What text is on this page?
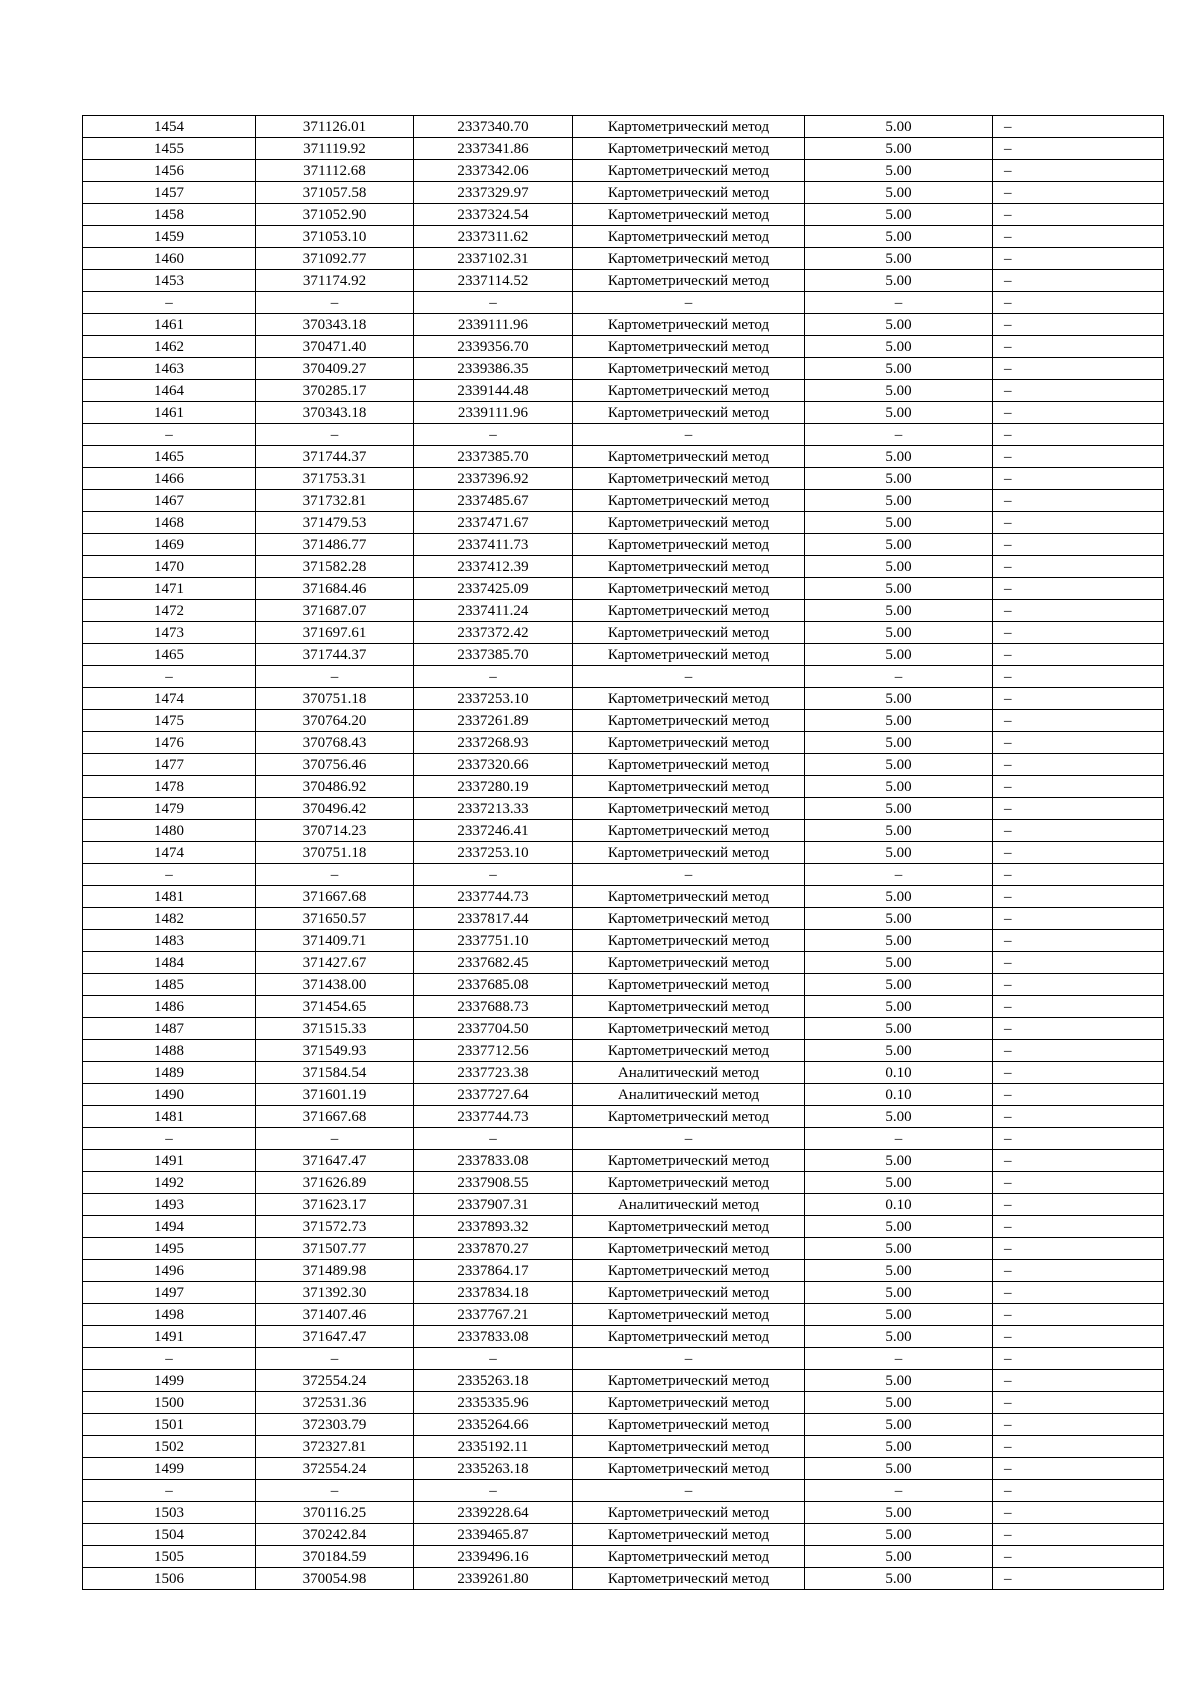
1454	371126.01	2337340.70	Картометрический метод	5.00	–
1455	371119.92	2337341.86	Картометрический метод	5.00	–
1456	371112.68	2337342.06	Картометрический метод	5.00	–
1457	371057.58	2337329.97	Картометрический метод	5.00	–
1458	371052.90	2337324.54	Картометрический метод	5.00	–
1459	371053.10	2337311.62	Картометрический метод	5.00	–
1460	371092.77	2337102.31	Картометрический метод	5.00	–
1453	371174.92	2337114.52	Картометрический метод	5.00	–
–	–	–	–	–	–
1461	370343.18	2339111.96	Картометрический метод	5.00	–
1462	370471.40	2339356.70	Картометрический метод	5.00	–
1463	370409.27	2339386.35	Картометрический метод	5.00	–
1464	370285.17	2339144.48	Картометрический метод	5.00	–
1461	370343.18	2339111.96	Картометрический метод	5.00	–
–	–	–	–	–	–
1465	371744.37	2337385.70	Картометрический метод	5.00	–
1466	371753.31	2337396.92	Картометрический метод	5.00	–
1467	371732.81	2337485.67	Картометрический метод	5.00	–
1468	371479.53	2337471.67	Картометрический метод	5.00	–
1469	371486.77	2337411.73	Картометрический метод	5.00	–
1470	371582.28	2337412.39	Картометрический метод	5.00	–
1471	371684.46	2337425.09	Картометрический метод	5.00	–
1472	371687.07	2337411.24	Картометрический метод	5.00	–
1473	371697.61	2337372.42	Картометрический метод	5.00	–
1465	371744.37	2337385.70	Картометрический метод	5.00	–
–	–	–	–	–	–
1474	370751.18	2337253.10	Картометрический метод	5.00	–
1475	370764.20	2337261.89	Картометрический метод	5.00	–
1476	370768.43	2337268.93	Картометрический метод	5.00	–
1477	370756.46	2337320.66	Картометрический метод	5.00	–
1478	370486.92	2337280.19	Картометрический метод	5.00	–
1479	370496.42	2337213.33	Картометрический метод	5.00	–
1480	370714.23	2337246.41	Картометрический метод	5.00	–
1474	370751.18	2337253.10	Картометрический метод	5.00	–
–	–	–	–	–	–
1481	371667.68	2337744.73	Картометрический метод	5.00	–
1482	371650.57	2337817.44	Картометрический метод	5.00	–
1483	371409.71	2337751.10	Картометрический метод	5.00	–
1484	371427.67	2337682.45	Картометрический метод	5.00	–
1485	371438.00	2337685.08	Картометрический метод	5.00	–
1486	371454.65	2337688.73	Картометрический метод	5.00	–
1487	371515.33	2337704.50	Картометрический метод	5.00	–
1488	371549.93	2337712.56	Картометрический метод	5.00	–
1489	371584.54	2337723.38	Аналитический метод	0.10	–
1490	371601.19	2337727.64	Аналитический метод	0.10	–
1481	371667.68	2337744.73	Картометрический метод	5.00	–
–	–	–	–	–	–
1491	371647.47	2337833.08	Картометрический метод	5.00	–
1492	371626.89	2337908.55	Картометрический метод	5.00	–
1493	371623.17	2337907.31	Аналитический метод	0.10	–
1494	371572.73	2337893.32	Картометрический метод	5.00	–
1495	371507.77	2337870.27	Картометрический метод	5.00	–
1496	371489.98	2337864.17	Картометрический метод	5.00	–
1497	371392.30	2337834.18	Картометрический метод	5.00	–
1498	371407.46	2337767.21	Картометрический метод	5.00	–
1491	371647.47	2337833.08	Картометрический метод	5.00	–
–	–	–	–	–	–
1499	372554.24	2335263.18	Картометрический метод	5.00	–
1500	372531.36	2335335.96	Картометрический метод	5.00	–
1501	372303.79	2335264.66	Картометрический метод	5.00	–
1502	372327.81	2335192.11	Картометрический метод	5.00	–
1499	372554.24	2335263.18	Картометрический метод	5.00	–
–	–	–	–	–	–
1503	370116.25	2339228.64	Картометрический метод	5.00	–
1504	370242.84	2339465.87	Картометрический метод	5.00	–
1505	370184.59	2339496.16	Картометрический метод	5.00	–
1506	370054.98	2339261.80	Картометрический метод	5.00	–
